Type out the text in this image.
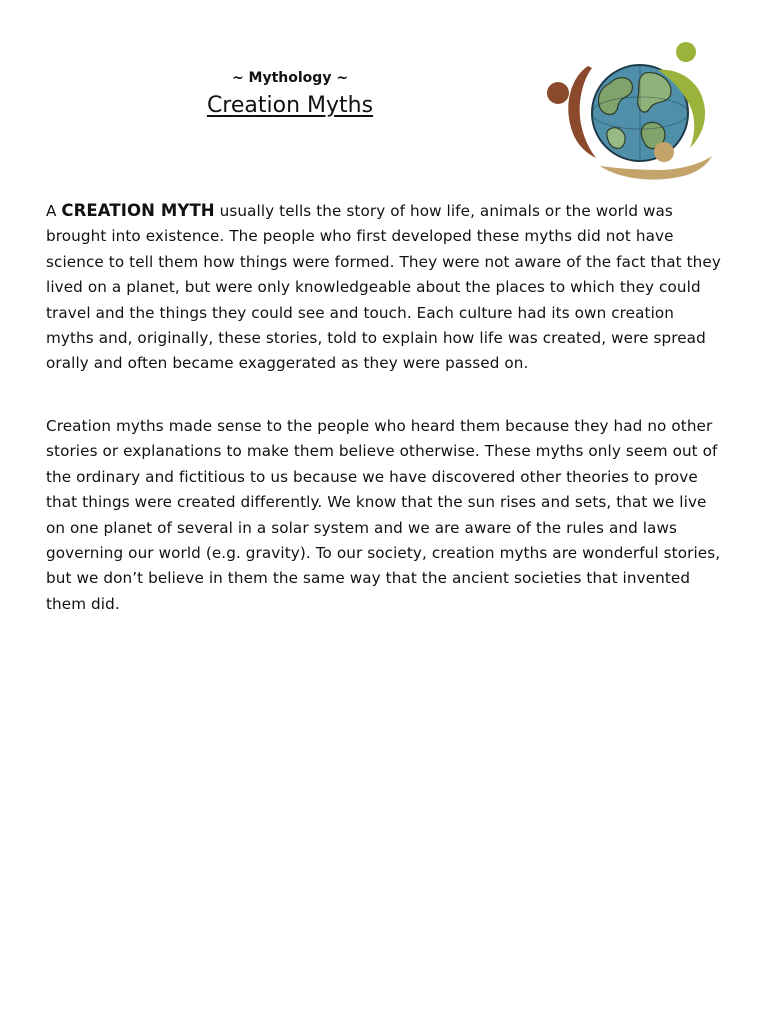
~ Mythology ~
Creation Myths
A CREATION MYTH usually tells the story of how life, animals or the world was brought into existence. The people who first developed these myths did not have science to tell them how things were formed. They were not aware of the fact that they lived on a planet, but were only knowledgeable about the places to which they could travel and the things they could see and touch. Each culture had its own creation myths and, originally, these stories, told to explain how life was created, were spread orally and often became exaggerated as they were passed on.
Creation myths made sense to the people who heard them because they had no other stories or explanations to make them believe otherwise. These myths only seem out of the ordinary and fictitious to us because we have discovered other theories to prove that things were created differently. We know that the sun rises and sets, that we live on one planet of several in a solar system and we are aware of the rules and laws governing our world (e.g. gravity). To our society, creation myths are wonderful stories, but we don’t believe in them the same way that the ancient societies that invented them did.
